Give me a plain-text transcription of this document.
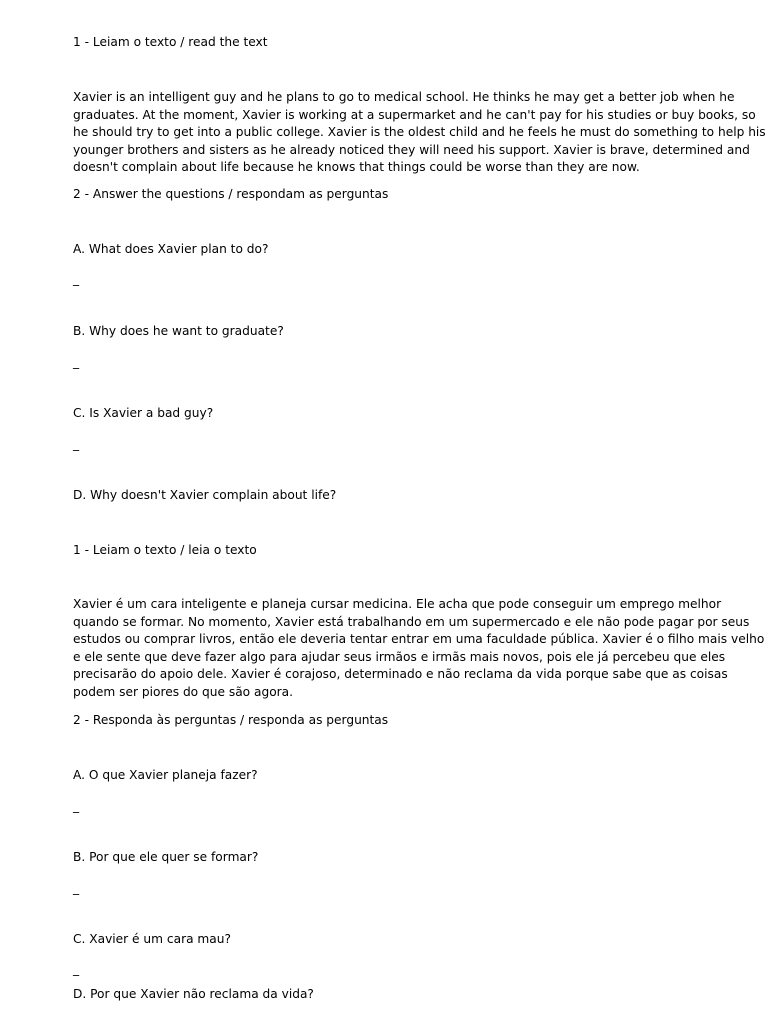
1 - Leiam o texto / read the text
Xavier is an intelligent guy and he plans to go to medical school. He thinks he may get a better job when he
graduates. At the moment, Xavier is working at a supermarket and he can't pay for his studies or buy books, so
he should try to get into a public college. Xavier is the oldest child and he feels he must do something to help his
younger brothers and sisters as he already noticed they will need his support. Xavier is brave, determined and
doesn't complain about life because he knows that things could be worse than they are now.
2 - Answer the questions / respondam as perguntas
A. What does Xavier plan to do?
_
B. Why does he want to graduate?
_
C. Is Xavier a bad guy?
_
D. Why doesn't Xavier complain about life?
1 - Leiam o texto / leia o texto
Xavier é um cara inteligente e planeja cursar medicina. Ele acha que pode conseguir um emprego melhor
quando se formar. No momento, Xavier está trabalhando em um supermercado e ele não pode pagar por seus
estudos ou comprar livros, então ele deveria tentar entrar em uma faculdade pública. Xavier é o filho mais velho
e ele sente que deve fazer algo para ajudar seus irmãos e irmãs mais novos, pois ele já percebeu que eles
precisarão do apoio dele. Xavier é corajoso, determinado e não reclama da vida porque sabe que as coisas
podem ser piores do que são agora.
2 - Responda às perguntas / responda as perguntas
A. O que Xavier planeja fazer?
_
B. Por que ele quer se formar?
_
C. Xavier é um cara mau?
_
D. Por que Xavier não reclama da vida?
